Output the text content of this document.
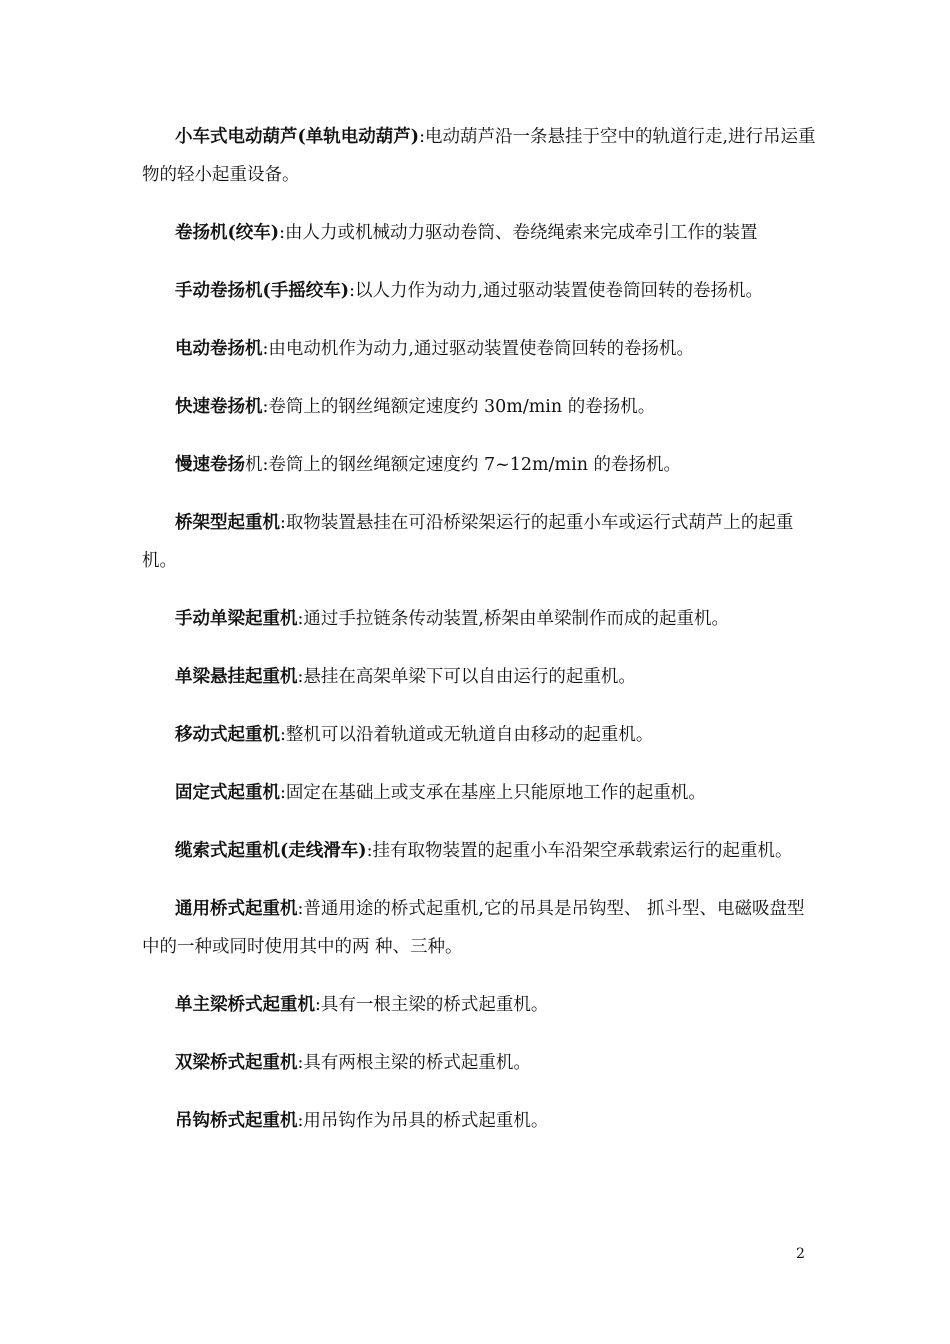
小车式电动葫芦(单轨电动葫芦):电动葫芦沿一条悬挂于空中的轨道行走,进行吊运重物的轻小起重设备。

卷扬机(绞车):由人力或机械动力驱动卷筒、卷绕绳索来完成牵引工作的装置

手动卷扬机(手摇绞车):以人力作为动力,通过驱动装置使卷筒回转的卷扬机。

电动卷扬机:由电动机作为动力,通过驱动装置使卷筒回转的卷扬机。

快速卷扬机:卷筒上的钢丝绳额定速度约 30m/min 的卷扬机。

慢速卷扬机:卷筒上的钢丝绳额定速度约 7~12m/min 的卷扬机。

桥架型起重机:取物装置悬挂在可沿桥梁架运行的起重小车或运行式葫芦上的起重机。

手动单梁起重机:通过手拉链条传动装置,桥架由单梁制作而成的起重机。

单梁悬挂起重机:悬挂在高架单梁下可以自由运行的起重机。

移动式起重机:整机可以沿着轨道或无轨道自由移动的起重机。

固定式起重机:固定在基础上或支承在基座上只能原地工作的起重机。

缆索式起重机(走线滑车):挂有取物装置的起重小车沿架空承载索运行的起重机。

通用桥式起重机:普通用途的桥式起重机,它的吊具是吊钩型、 抓斗型、电磁吸盘型中的一种或同时使用其中的两 种、三种。

单主梁桥式起重机:具有一根主梁的桥式起重机。

双梁桥式起重机:具有两根主梁的桥式起重机。

吊钩桥式起重机:用吊钩作为吊具的桥式起重机。

2
